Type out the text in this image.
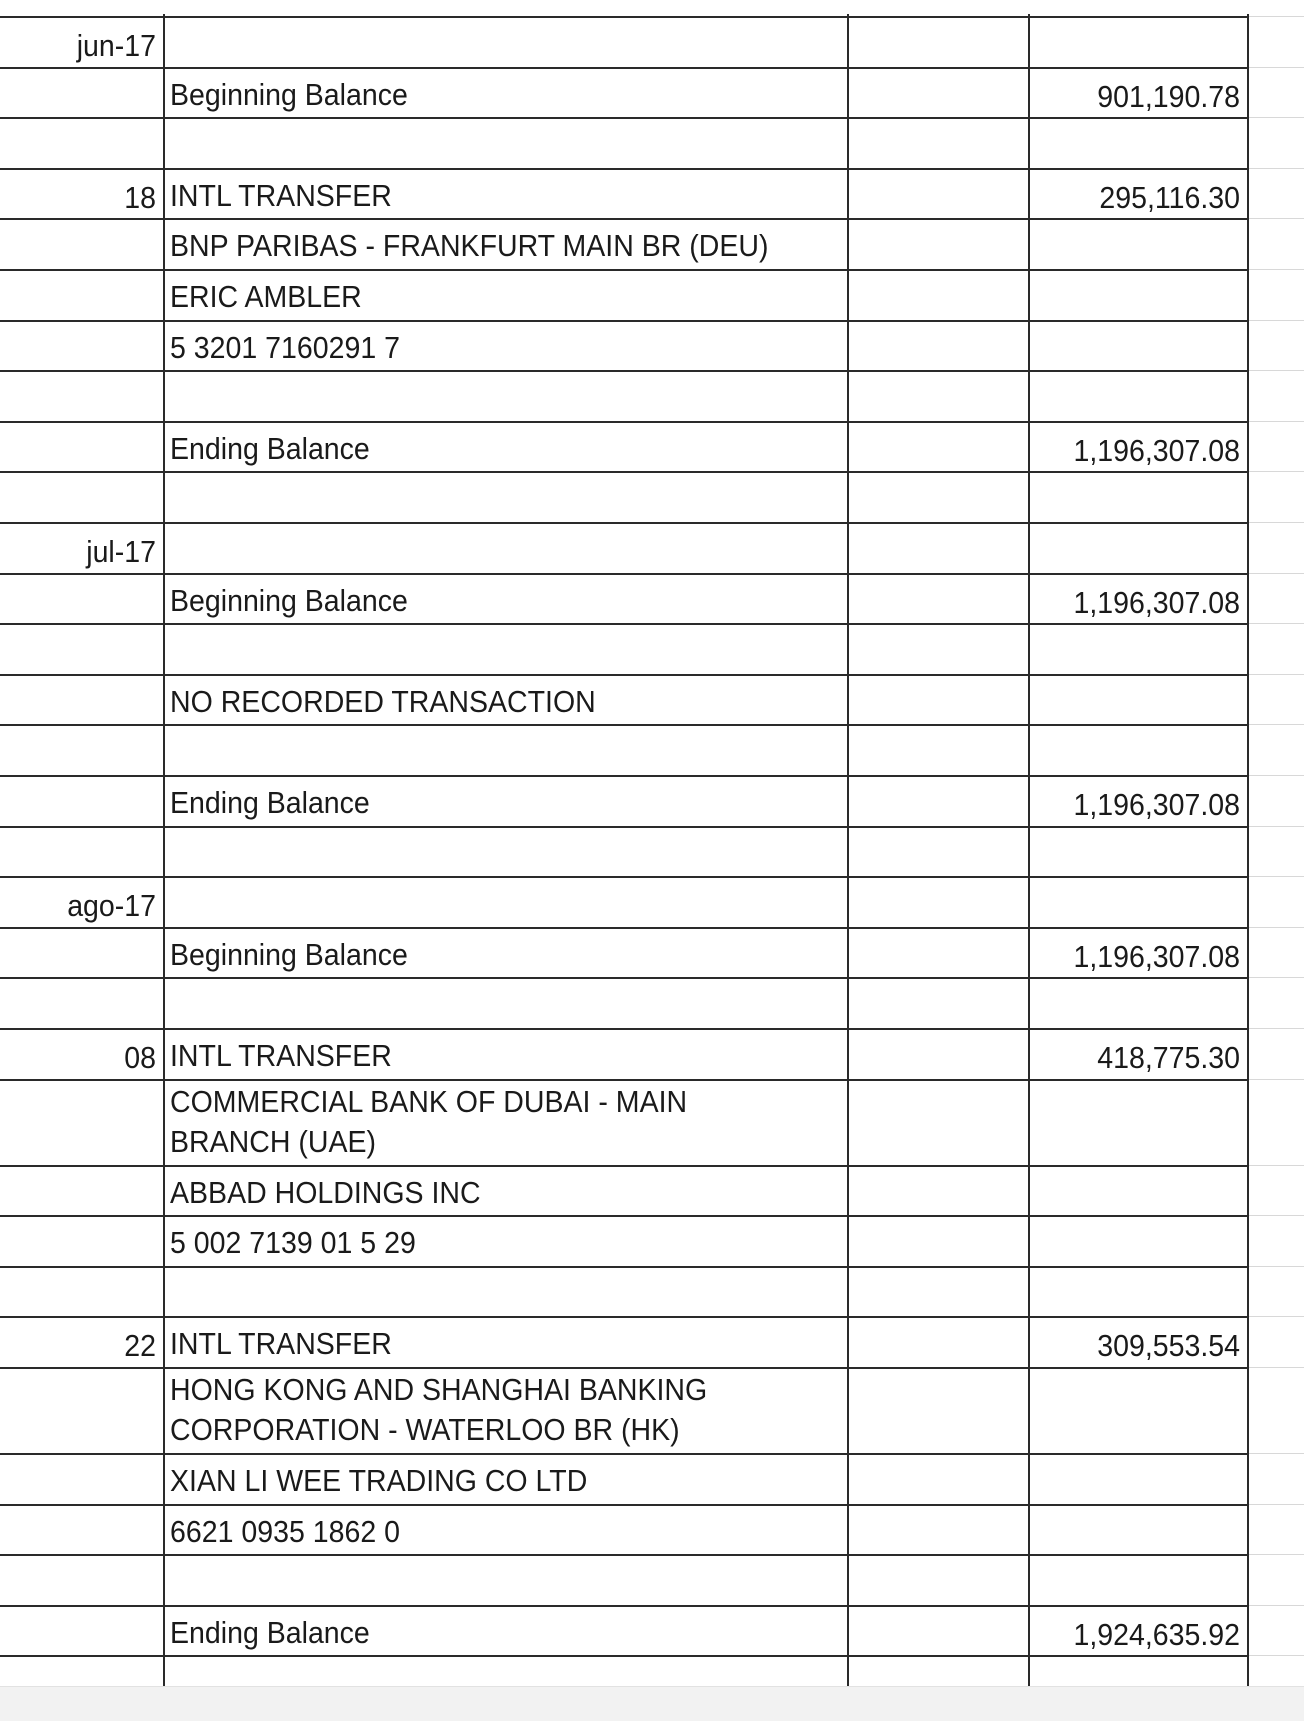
jun-17
Beginning Balance	901,190.78
18 INTL TRANSFER	295,116.30
BNP PARIBAS - FRANKFURT MAIN BR (DEU)
ERIC AMBLER
5 3201 7160291 7
Ending Balance	1,196,307.08
jul-17
Beginning Balance	1,196,307.08
NO RECORDED TRANSACTION
Ending Balance	1,196,307.08
ago-17
Beginning Balance	1,196,307.08
08 INTL TRANSFER	418,775.30
COMMERCIAL BANK OF DUBAI - MAIN
BRANCH (UAE)
ABBAD HOLDINGS INC
5 002 7139 01 5 29
22 INTL TRANSFER	309,553.54
HONG KONG AND SHANGHAI BANKING
CORPORATION - WATERLOO BR (HK)
XIAN LI WEE TRADING CO LTD
6621 0935 1862 0
Ending Balance	1,924,635.92
